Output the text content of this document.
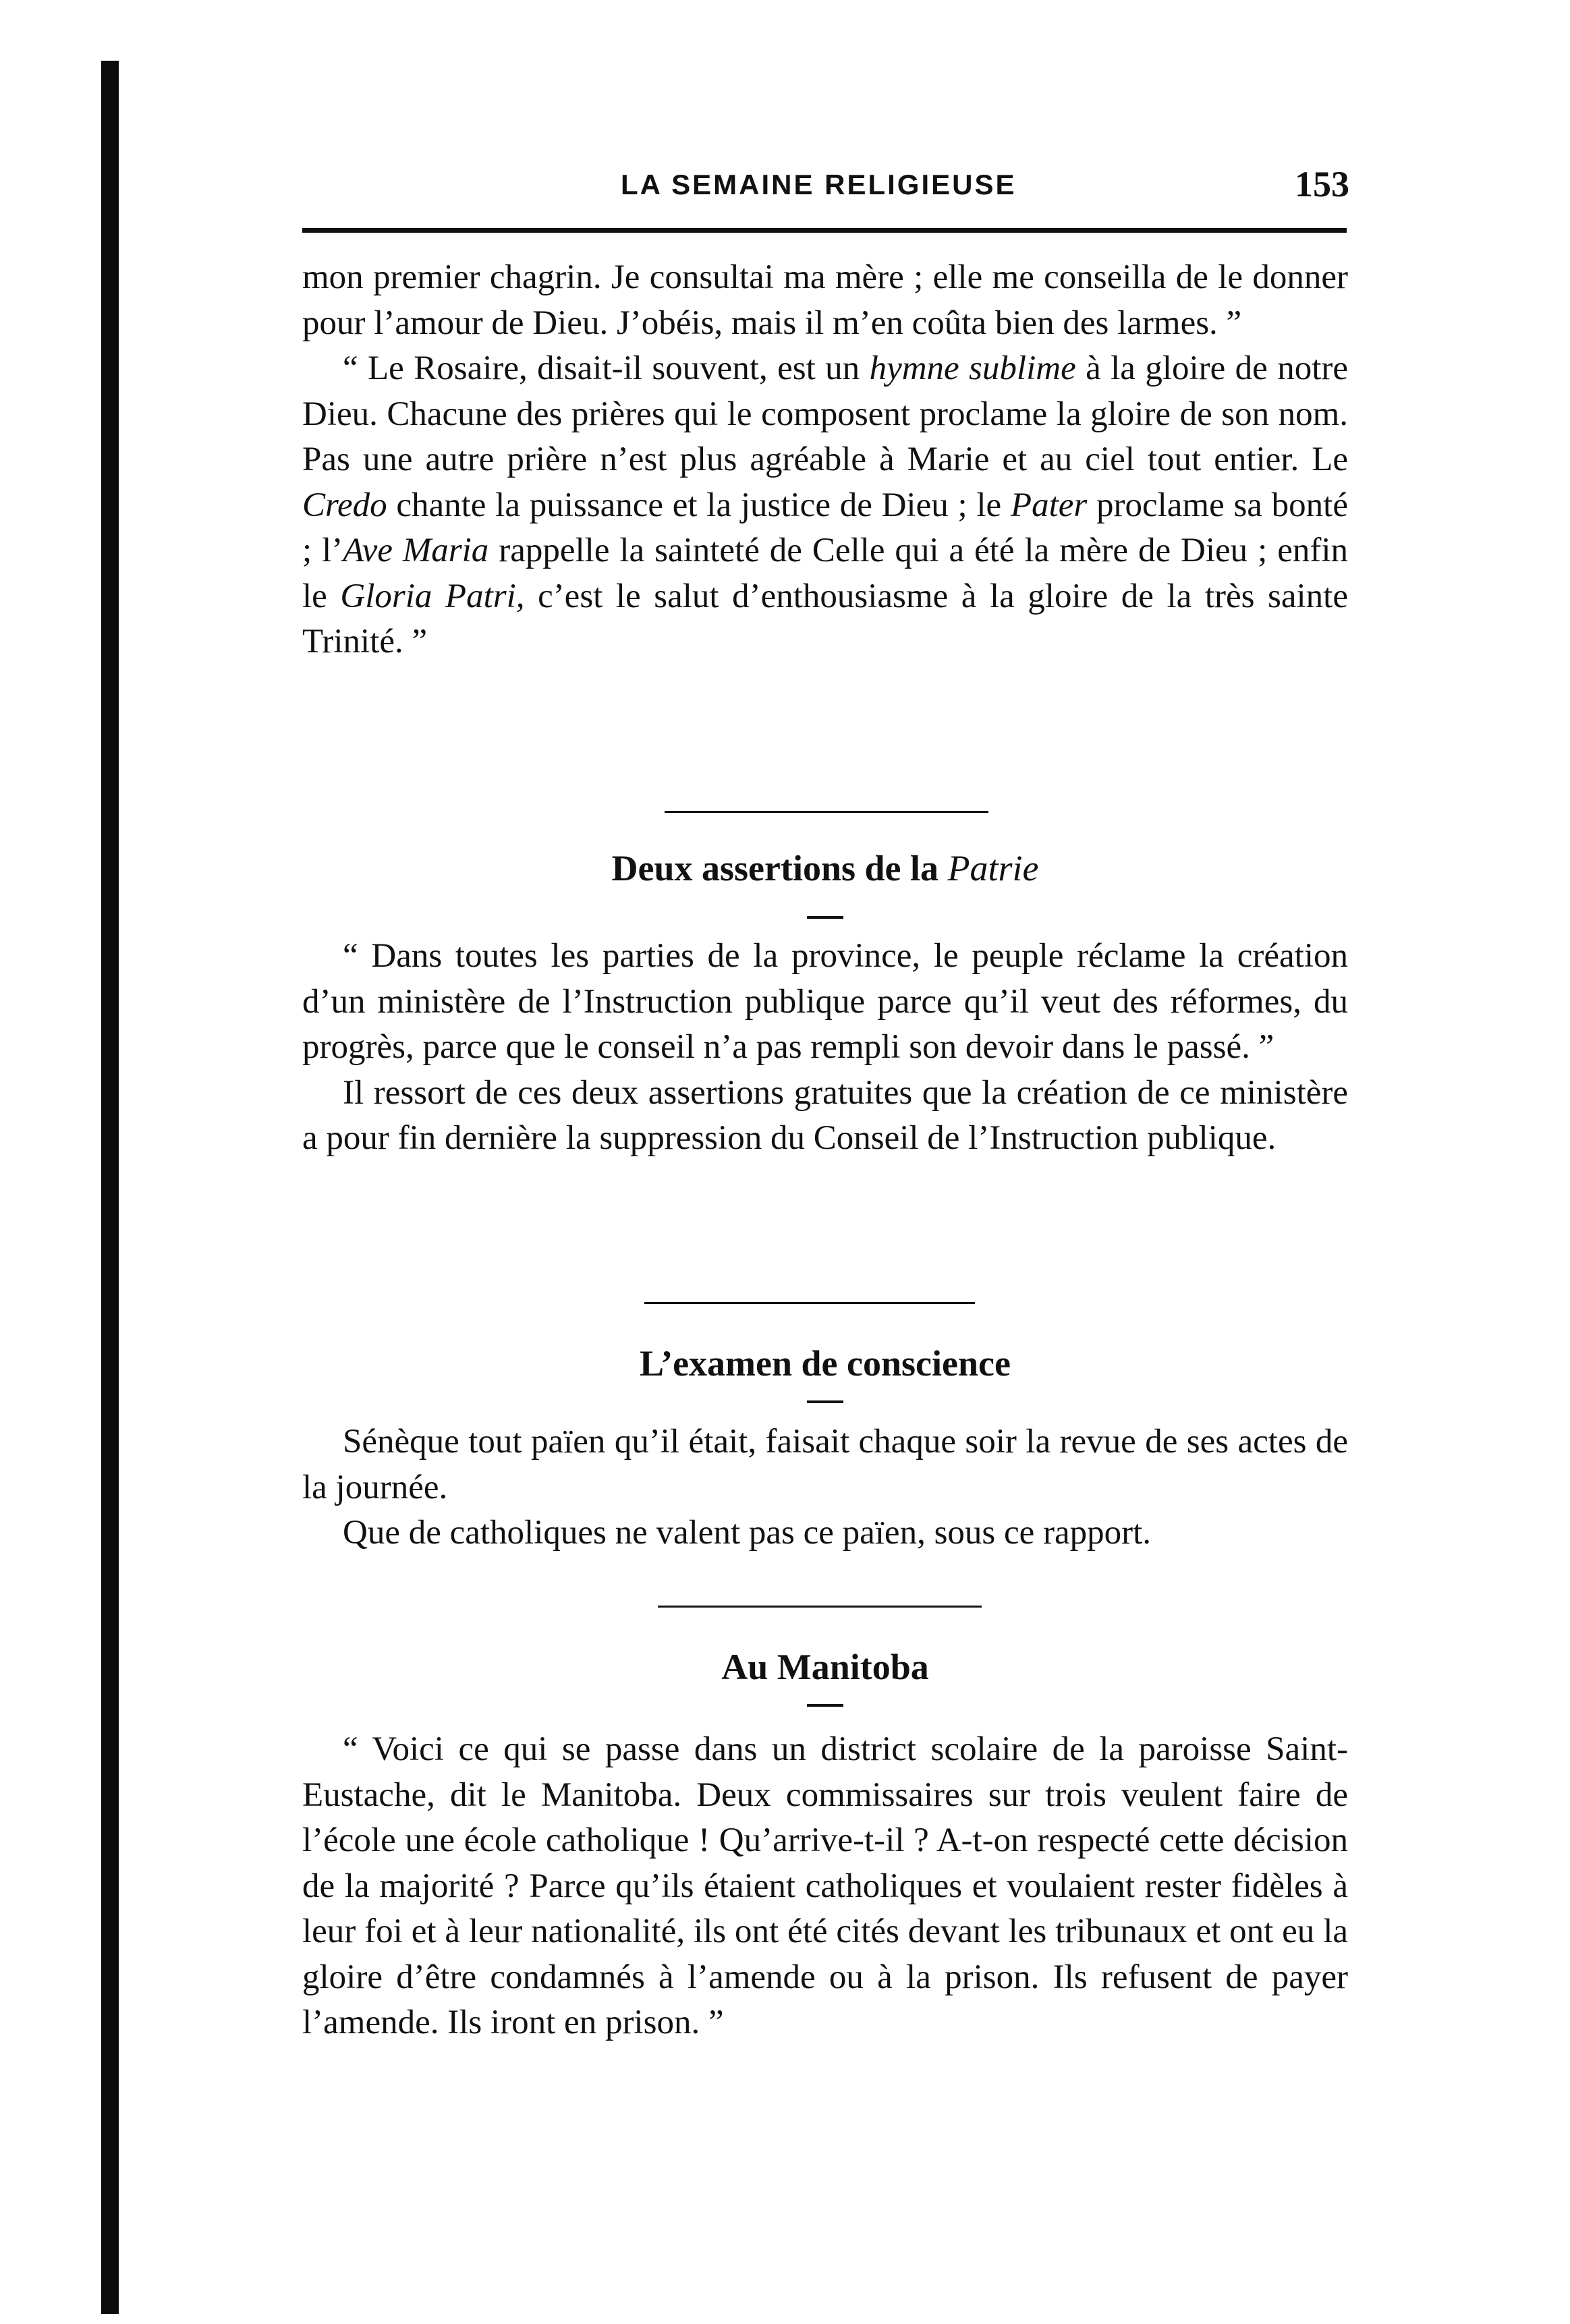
LA SEMAINE RELIGIEUSE	153

mon premier chagrin. Je consultai ma mère ; elle me conseilla de le donner pour l’amour de Dieu. J’obéis, mais il m’en coûta bien des larmes. ”

“ Le Rosaire, disait-il souvent, est un hymne sublime à la gloire de notre Dieu. Chacune des prières qui le composent proclame la gloire de son nom. Pas une autre prière n’est plus agréable à Marie et au ciel tout entier. Le Credo chante la puissance et la justice de Dieu ; le Pater proclame sa bonté ; l’Ave Maria rappelle la sainteté de Celle qui a été la mère de Dieu ; enfin le Gloria Patri, c’est le salut d’enthousiasme à la gloire de la très sainte Trinité. ”

Deux assertions de la Patrie

“ Dans toutes les parties de la province, le peuple réclame la création d’un ministère de l’Instruction publique parce qu’il veut des réformes, du progrès, parce que le conseil n’a pas rempli son devoir dans le passé. ”

Il ressort de ces deux assertions gratuites que la création de ce ministère a pour fin dernière la suppression du Conseil de l’Instruction publique.

L’examen de conscience

Sénèque tout païen qu’il était, faisait chaque soir la revue de ses actes de la journée.

Que de catholiques ne valent pas ce païen, sous ce rapport.

Au Manitoba

“ Voici ce qui se passe dans un district scolaire de la paroisse Saint-Eustache, dit le Manitoba. Deux commissaires sur trois veulent faire de l’école une école catholique ! Qu’arrive-t-il ? A-t-on respecté cette décision de la majorité ? Parce qu’ils étaient catholiques et voulaient rester fidèles à leur foi et à leur nationalité, ils ont été cités devant les tribunaux et ont eu la gloire d’être condamnés à l’amende ou à la prison. Ils refusent de payer l’amende. Ils iront en prison. ”
